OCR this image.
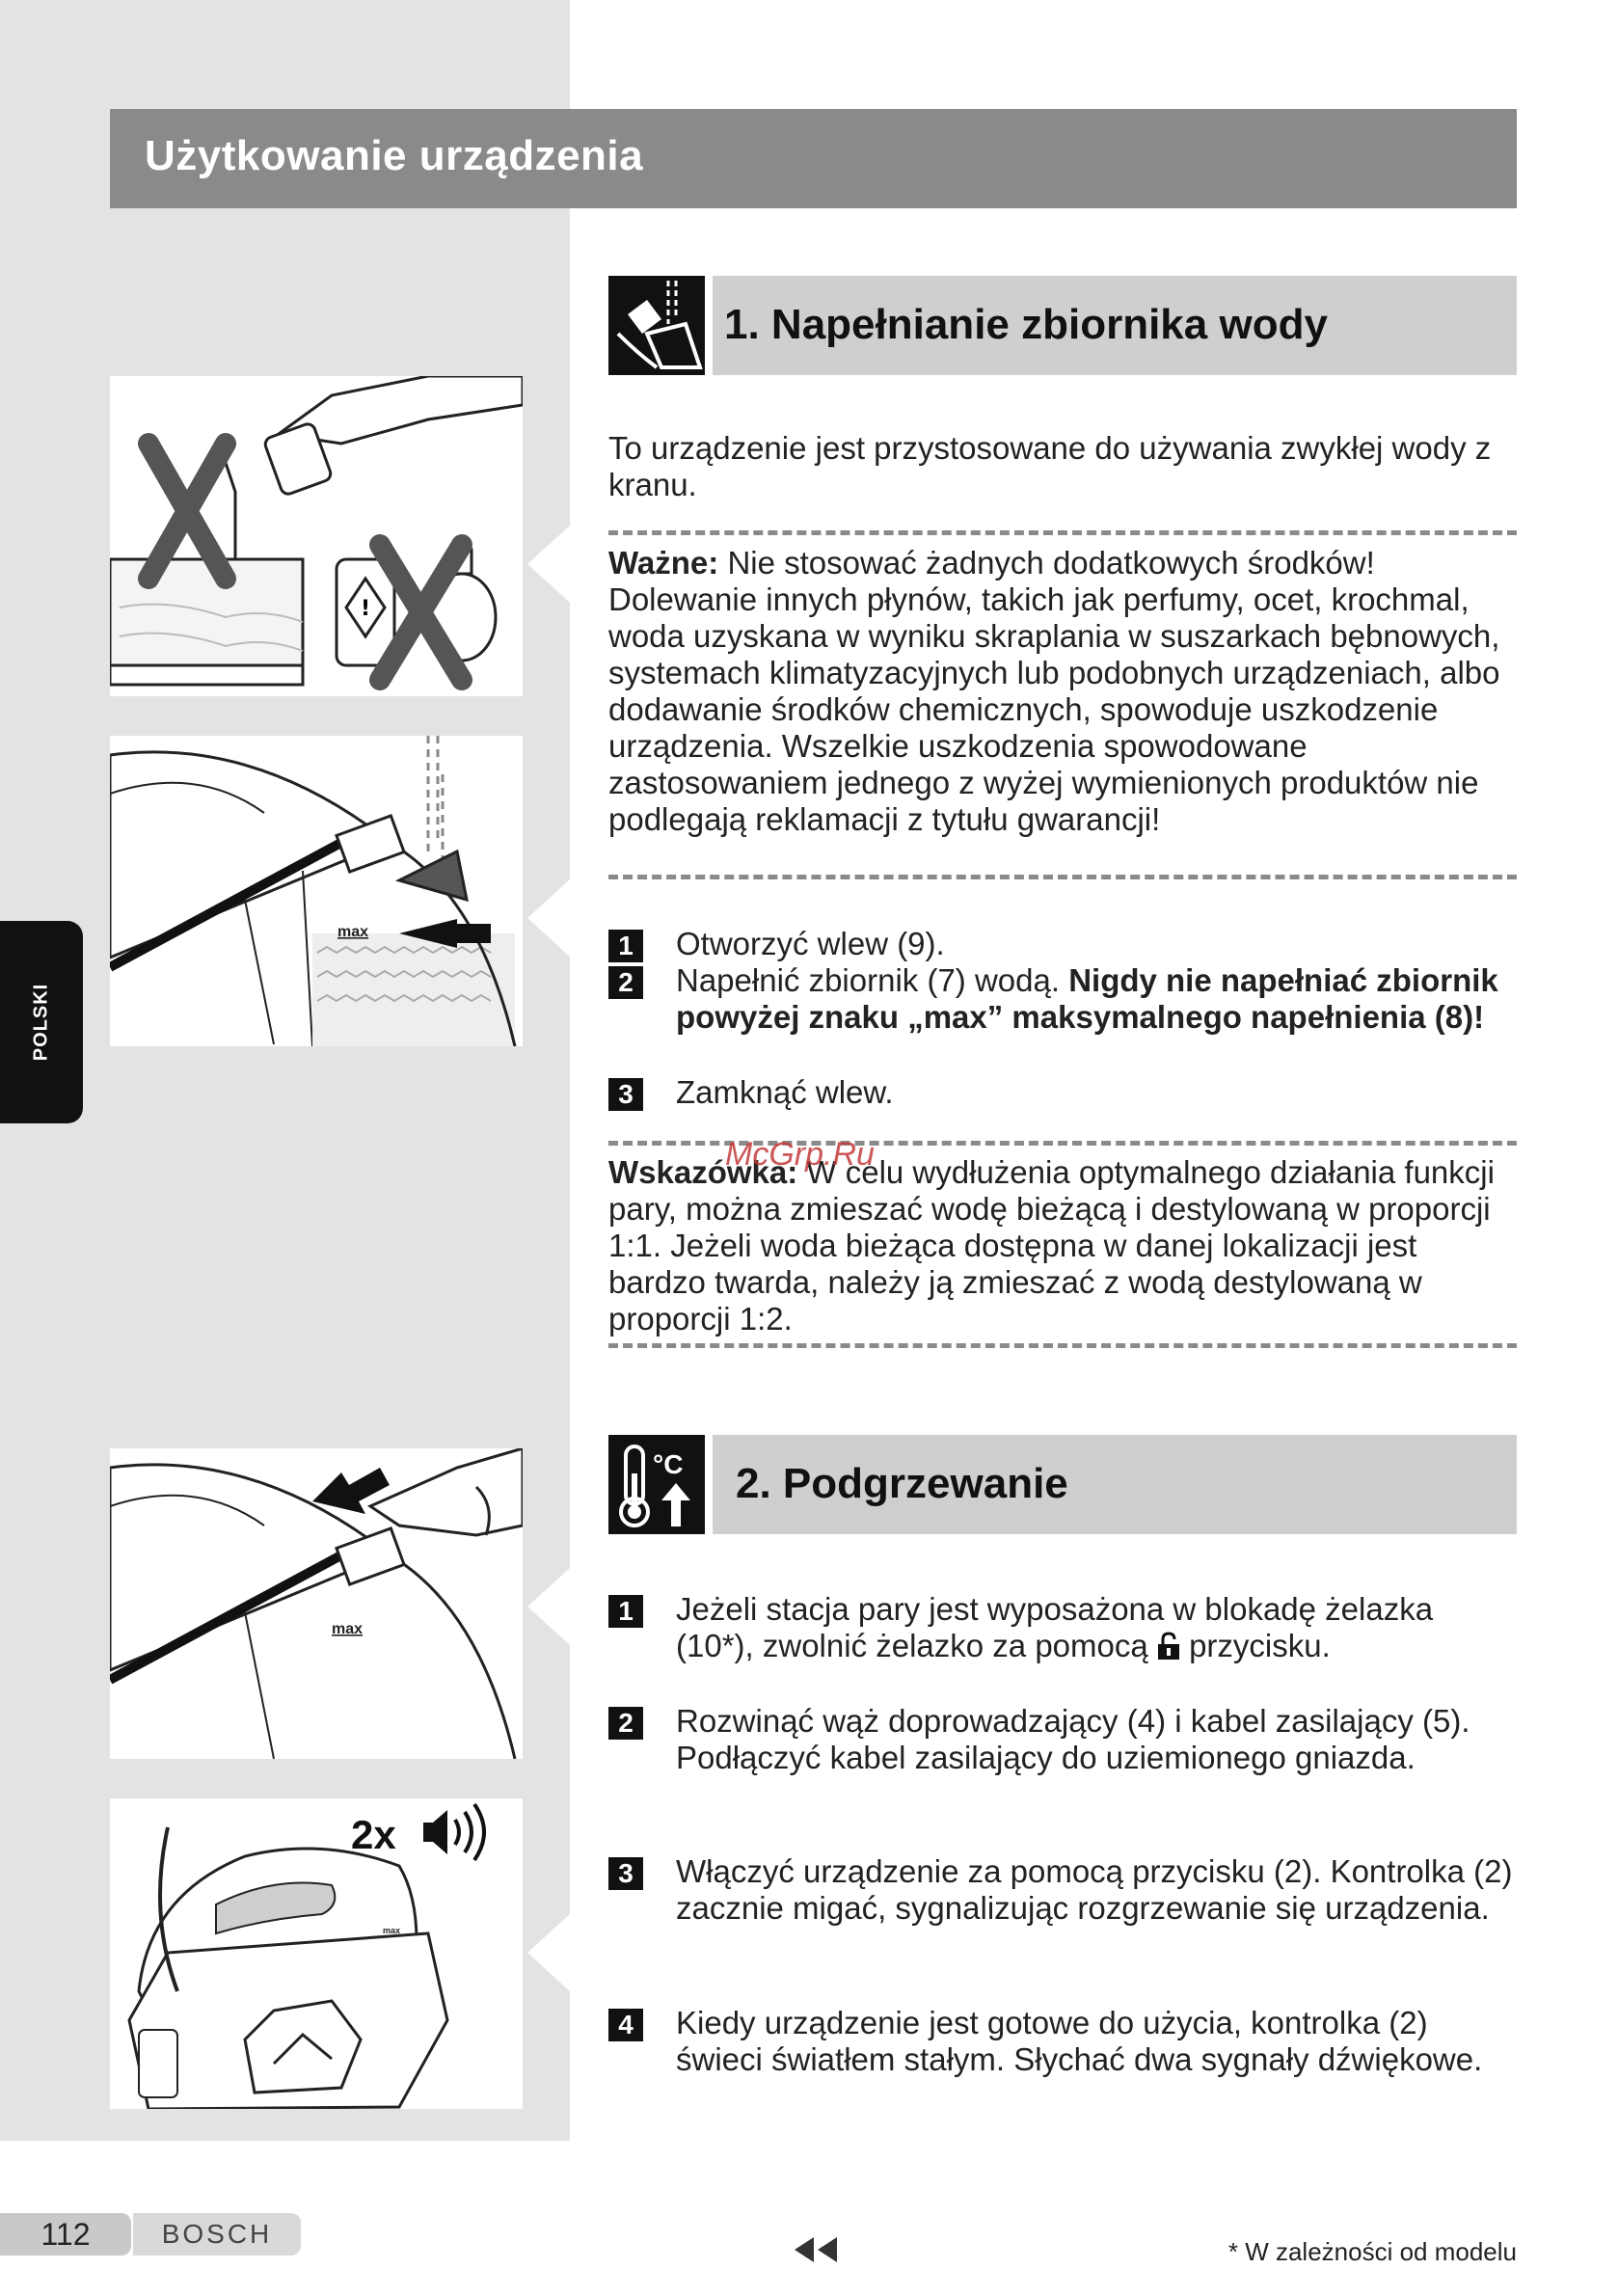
Użytkowanie urządzenia
POLSKI
!
max
max
2x
max
1. Napełnianie zbiornika wody
To urządzenie jest przystosowane do używania zwykłej wody z kranu.
Ważne: Nie stosować żadnych dodatkowych środków! Dolewanie innych płynów, takich jak perfumy, ocet, krochmal, woda uzyskana w wyniku skraplania w suszarkach bębnowych, systemach klimatyzacyjnych lub podobnych urządzeniach, albo dodawanie środków chemicznych, spowoduje uszkodzenie urządzenia. Wszelkie uszkodzenia spowodowane zastosowaniem jednego z wyżej wymienionych produktów nie podlegają reklamacji z tytułu gwarancji!
1	Otworzyć wlew (9).
2	Napełnić zbiornik (7) wodą. Nigdy nie napełniać zbiornik powyżej znaku „max” maksymalnego napełnienia (8)!
3	Zamknąć wlew.
Wskazówka: W celu wydłużenia optymalnego działania funkcji pary, można zmieszać wodę bieżącą i destylowaną w proporcji 1:1. Jeżeli woda bieżąca dostępna w danej lokalizacji jest bardzo twarda, należy ją zmieszać z wodą destylowaną w proporcji 1:2.
McGrp.Ru
°C 2. Podgrzewanie
1	Jeżeli stacja pary jest wyposażona w blokadę żelazka (10*), zwolnić żelazko za pomocą przycisku.
2	Rozwinąć wąż doprowadzający (4) i kabel zasilający (5). Podłączyć kabel zasilający do uziemionego gniazda.
3	Włączyć urządzenie za pomocą przycisku (2). Kontrolka (2) zacznie migać, sygnalizując rozgrzewanie się urządzenia.
4	Kiedy urządzenie jest gotowe do użycia, kontrolka (2) świeci światłem stałym. Słychać dwa sygnały dźwiękowe.
112	BOSCH
* W zależności od modelu
